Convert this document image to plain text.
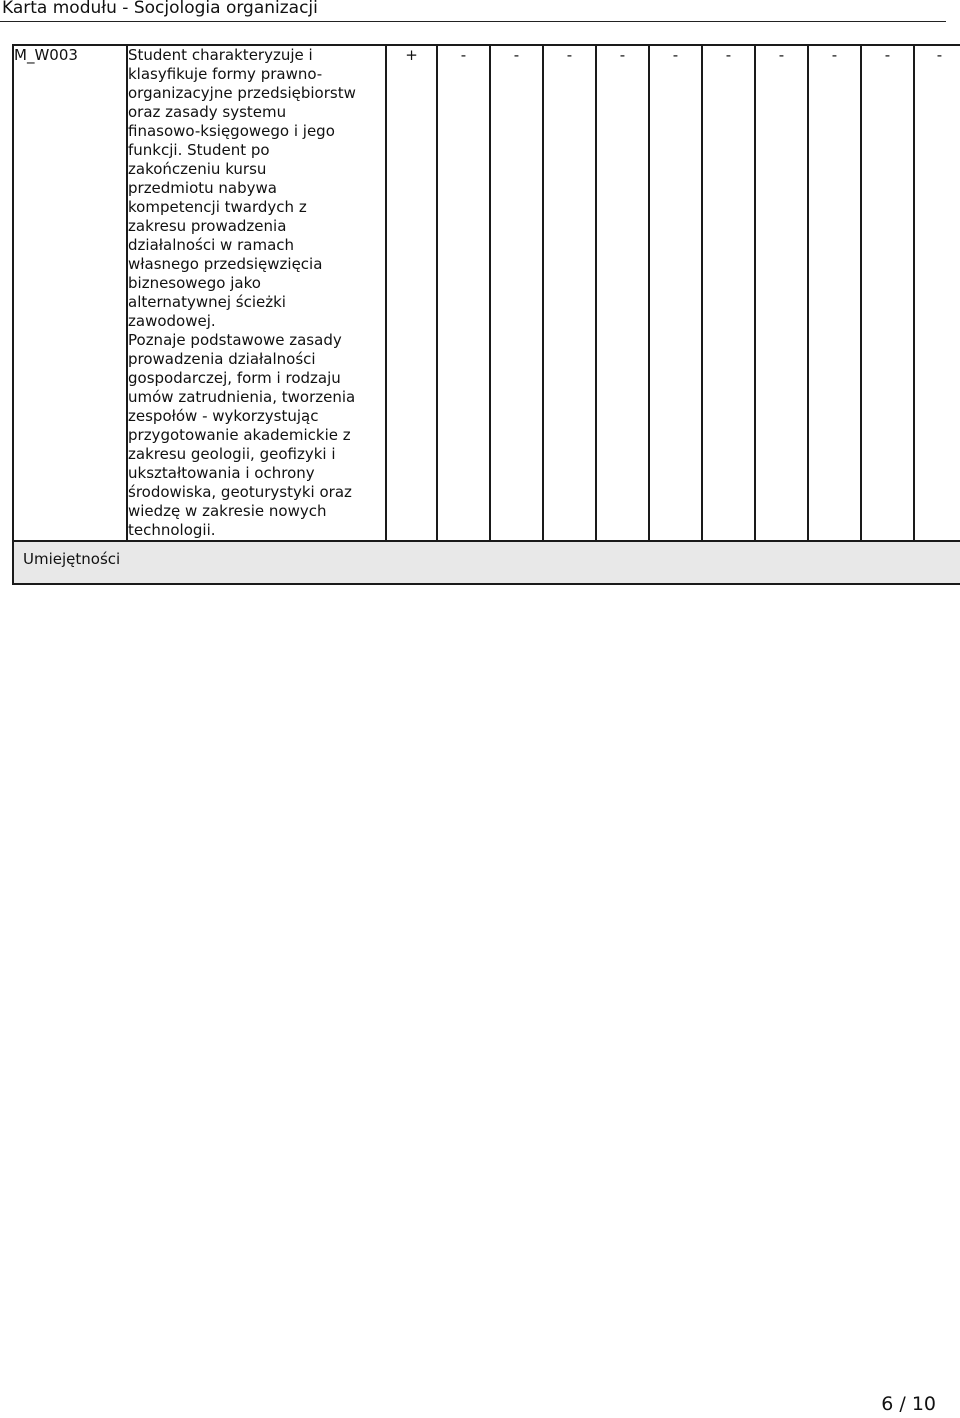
Karta modułu - Socjologia organizacji
M_W003	Student charakteryzuje i
klasyfikuje formy prawno-
organizacyjne przedsiębiorstw
oraz zasady systemu
finasowo-księgowego i jego
funkcji. Student po
zakończeniu kursu
przedmiotu nabywa
kompetencji twardych z
zakresu prowadzenia
działalności w ramach
własnego przedsięwzięcia
biznesowego jako
alternatywnej ścieżki
zawodowej.
Poznaje podstawowe zasady
prowadzenia działalności
gospodarczej, form i rodzaju
umów zatrudnienia, tworzenia
zespołów - wykorzystując
przygotowanie akademickie z
zakresu geologii, geofizyki i
ukształtowania i ochrony
środowiska, geoturystyki oraz
wiedzę w zakresie nowych
technologii.
	+	-	-	-	-	-	-	-	-	-	-
Umiejętności
6 / 10
